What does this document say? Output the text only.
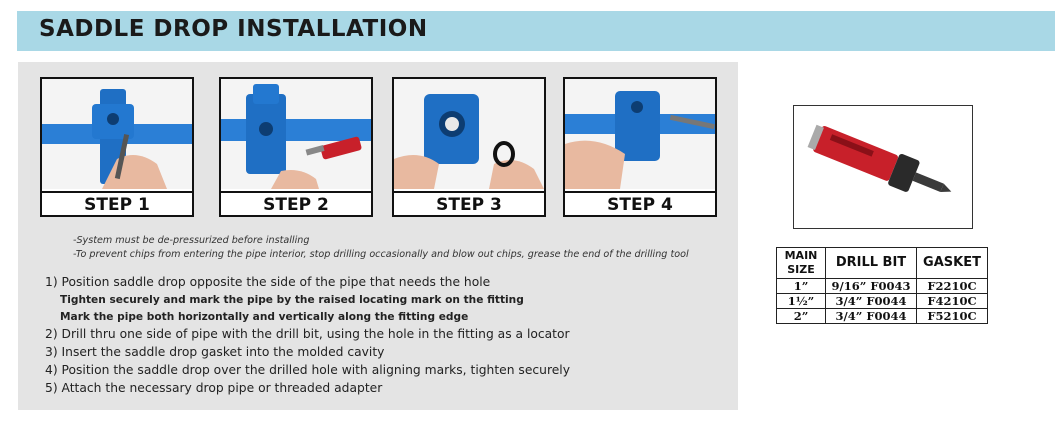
SADDLE DROP INSTALLATION
STEP 1	STEP 2	STEP 3	STEP 4
-System must be de-pressurized before installing
-To prevent chips from entering the pipe interior, stop drilling occasionally and blow out chips, grease the end of the drilling tool
1) Position saddle drop opposite the side of the pipe that needs the hole
Tighten securely and mark the pipe by the raised locating mark on the fitting
Mark the pipe both horizontally and vertically along the fitting edge
2) Drill thru one side of pipe with the drill bit, using the hole in the fitting as a locator
3) Insert the saddle drop gasket into the molded cavity
4) Position the saddle drop over the drilled hole with aligning marks, tighten securely
5) Attach the necessary drop pipe or threaded adapter
MAIN
SIZE	DRILL BIT	GASKET
1”	9/16” F0043	F2210C
1½”	3/4” F0044	F4210C
2”	3/4” F0044	F5210C
